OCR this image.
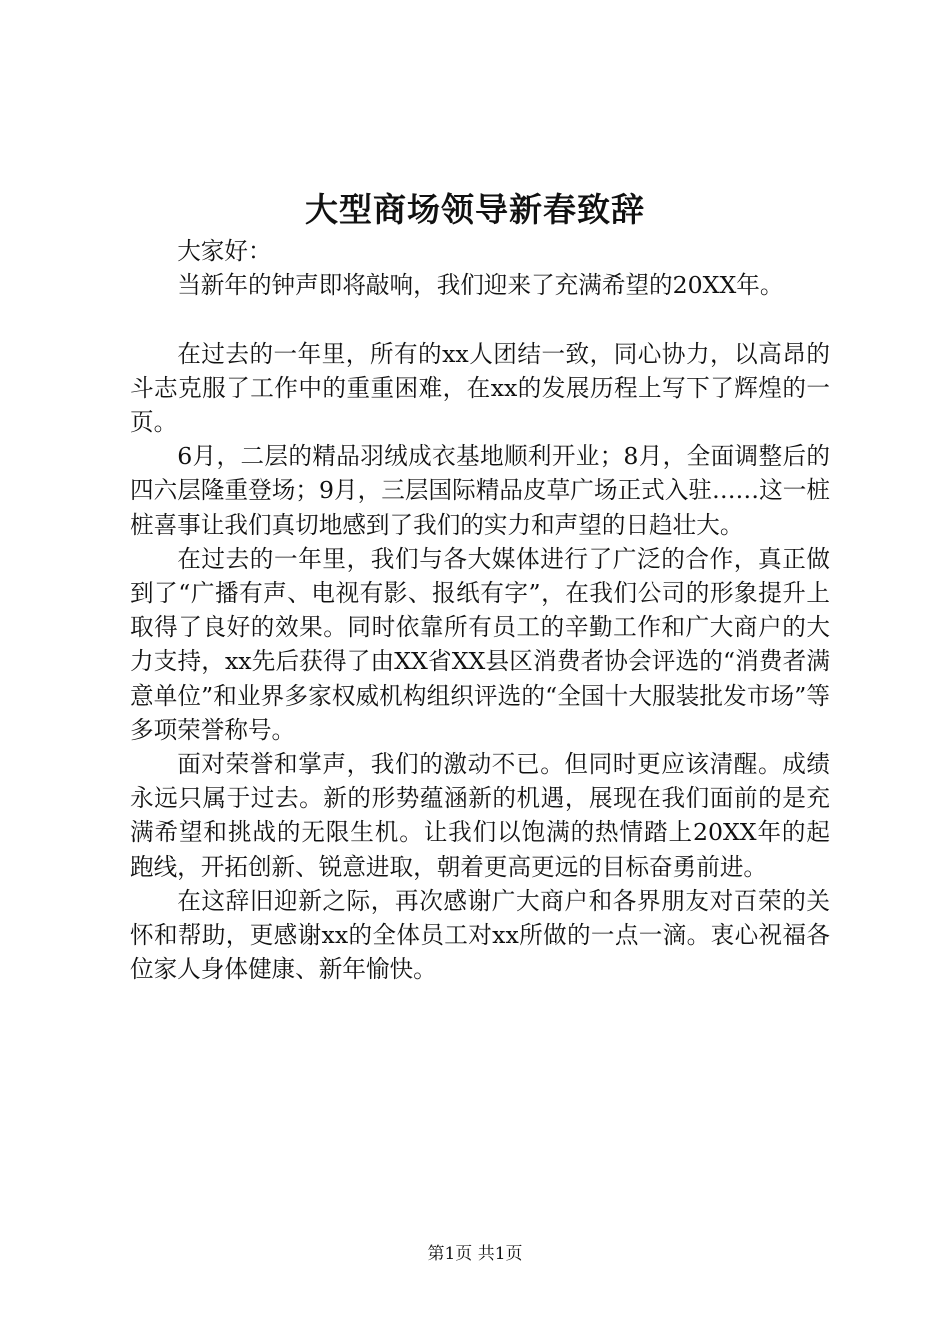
大型商场领导新春致辞

大家好：

当新年的钟声即将敲响，我们迎来了充满希望的20XX年。

在过去的一年里，所有的xx人团结一致，同心协力，以高昂的斗志克服了工作中的重重困难，在xx的发展历程上写下了辉煌的一页。

6月，二层的精品羽绒成衣基地顺利开业；8月，全面调整后的四六层隆重登场；9月，三层国际精品皮草广场正式入驻……这一桩桩喜事让我们真切地感到了我们的实力和声望的日趋壮大。

在过去的一年里，我们与各大媒体进行了广泛的合作，真正做到了“广播有声、电视有影、报纸有字”，在我们公司的形象提升上取得了良好的效果。同时依靠所有员工的辛勤工作和广大商户的大力支持，xx先后获得了由XX省XX县区消费者协会评选的“消费者满意单位”和业界多家权威机构组织评选的“全国十大服装批发市场”等多项荣誉称号。

面对荣誉和掌声，我们的激动不已。但同时更应该清醒。成绩永远只属于过去。新的形势蕴涵新的机遇，展现在我们面前的是充满希望和挑战的无限生机。让我们以饱满的热情踏上20XX年的起跑线，开拓创新、锐意进取，朝着更高更远的目标奋勇前进。

在这辞旧迎新之际，再次感谢广大商户和各界朋友对百荣的关怀和帮助，更感谢xx的全体员工对xx所做的一点一滴。衷心祝福各位家人身体健康、新年愉快。

第1页 共1页
